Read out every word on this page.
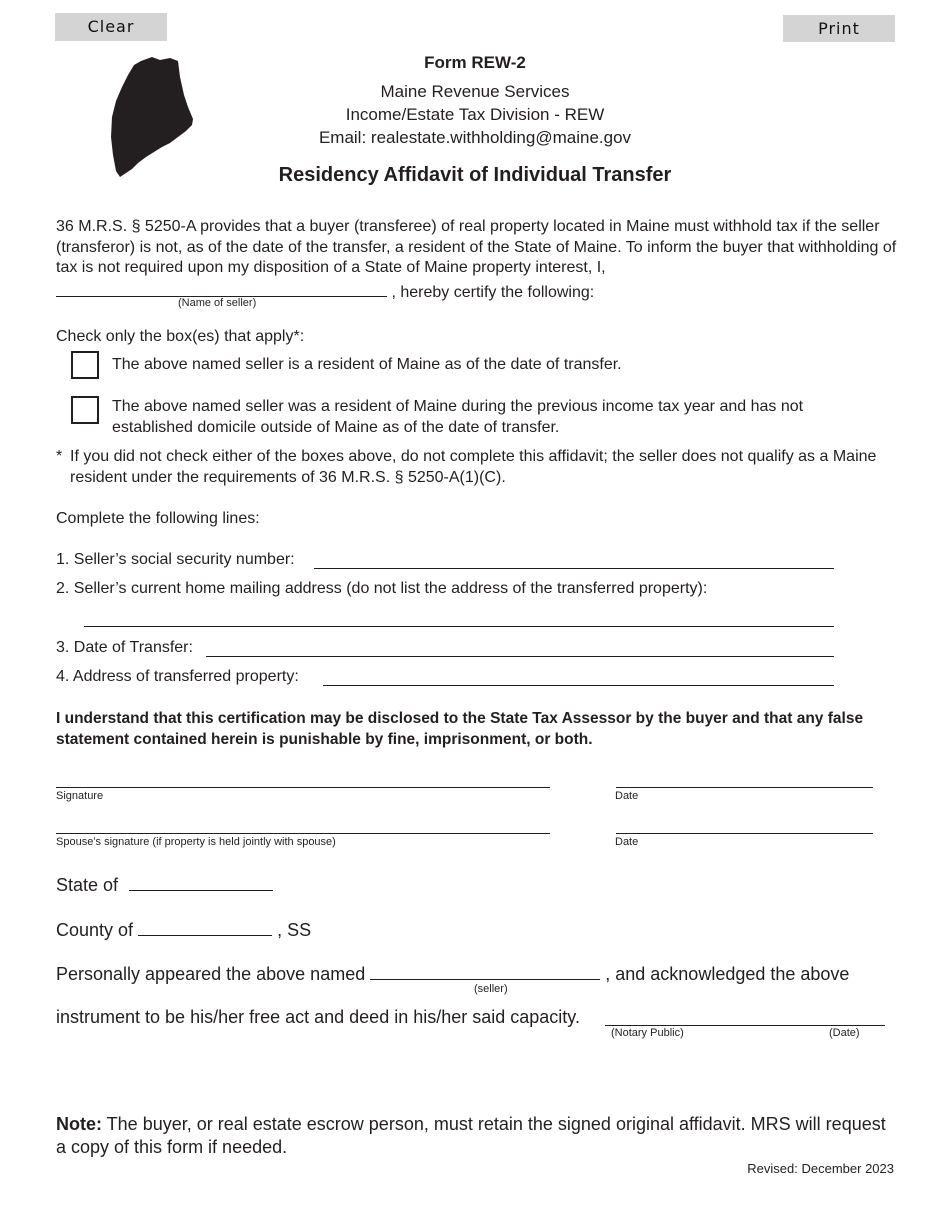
Clear	Print
Form REW-2
Maine Revenue Services
Income/Estate Tax Division - REW
Email: realestate.withholding@maine.gov
Residency Affidavit of Individual Transfer
36 M.R.S. § 5250-A provides that a buyer (transferee) of real property located in Maine must withhold tax if the seller (transferor) is not, as of the date of the transfer, a resident of the State of Maine. To inform the buyer that withholding of tax is not required upon my disposition of a State of Maine property interest, I,
, hereby certify the following:
(Name of seller)
Check only the box(es) that apply*:
The above named seller is a resident of Maine as of the date of transfer.
The above named seller was a resident of Maine during the previous income tax year and has not established domicile outside of Maine as of the date of transfer.
* If you did not check either of the boxes above, do not complete this affidavit; the seller does not qualify as a Maine resident under the requirements of 36 M.R.S. § 5250-A(1)(C).
Complete the following lines:
1. Seller’s social security number:
2. Seller’s current home mailing address (do not list the address of the transferred property):
3. Date of Transfer:
4. Address of transferred property:
I understand that this certification may be disclosed to the State Tax Assessor by the buyer and that any false statement contained herein is punishable by fine, imprisonment, or both.
Signature	Date
Spouse’s signature (if property is held jointly with spouse)	Date
State of
County of	, SS
Personally appeared the above named	, and acknowledged the above
(seller)
instrument to be his/her free act and deed in his/her said capacity.
(Notary Public)	(Date)
Note: The buyer, or real estate escrow person, must retain the signed original affidavit. MRS will request a copy of this form if needed.
Revised: December 2023
